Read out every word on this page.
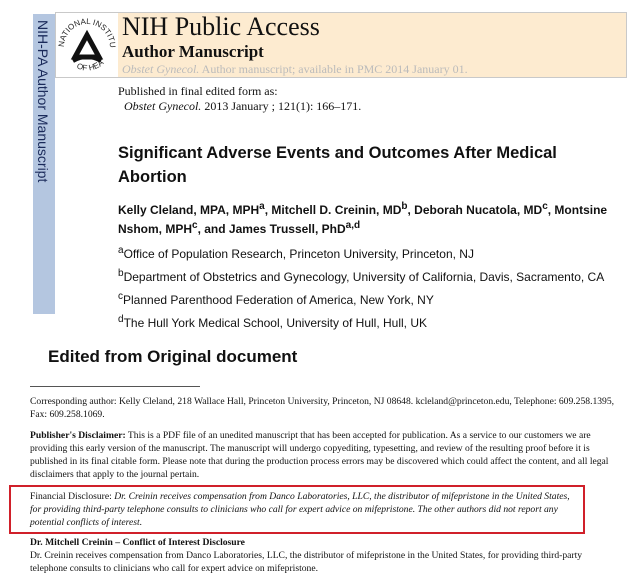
NIH-PA Author Manuscript NATIONAL INSTITU
OF HEA
NIH Public Access
Author Manuscript
Obstet Gynecol. Author manuscript; available in PMC 2014 January 01.
Published in final edited form as:
Obstet Gynecol. 2013 January ; 121(1): 166–171.
Significant Adverse Events and Outcomes After Medical Abortion
Kelly Cleland, MPA, MPH$^a$, Mitchell D. Creinin, $MD^b$, Deborah Nucatola, $MD^c$, Montsine Nshom, MPH$^c$, and James Trussell, PhD$^{a,d}$
$^a$Office of Population Research, Princeton University, Princeton, NJ
$^b$Department of Obstetrics and Gynecology, University of California, Davis, Sacramento, CA
$^c$Planned Parenthood Federation of America, New York, NY
$^d$The Hull York Medical School, University of Hull, Hull, UK
Edited from Original document
Corresponding author: Kelly Cleland, 218 Wallace Hall, Princeton University, Princeton, NJ 08648. kcleland@princeton.edu, Telephone: 609.258.1395, Fax: 609.258.1069.
Publisher's Disclaimer: This is a PDF file of an unedited manuscript that has been accepted for publication. As a service to our customers we are providing this early version of the manuscript. The manuscript will undergo copyediting, typesetting, and review of the resulting proof before it is published in its final citable form. Please note that during the production process errors may be discovered which could affect the content, and all legal disclaimers that apply to the journal pertain.
Financial Disclosure: Dr. Creinin receives compensation from Danco Laboratories, LLC, the distributor of mifepristone in the United States, for providing third-party telephone consults to clinicians who call for expert advice on mifepristone. The other authors did not report any potential conflicts of interest.
Dr. Mitchell Creinin – Conflict of Interest Disclosure
Dr. Creinin receives compensation from Danco Laboratories, LLC, the distributor of mifepristone in the United States, for providing third-party telephone consults to clinicians who call for expert advice on mifepristone.
